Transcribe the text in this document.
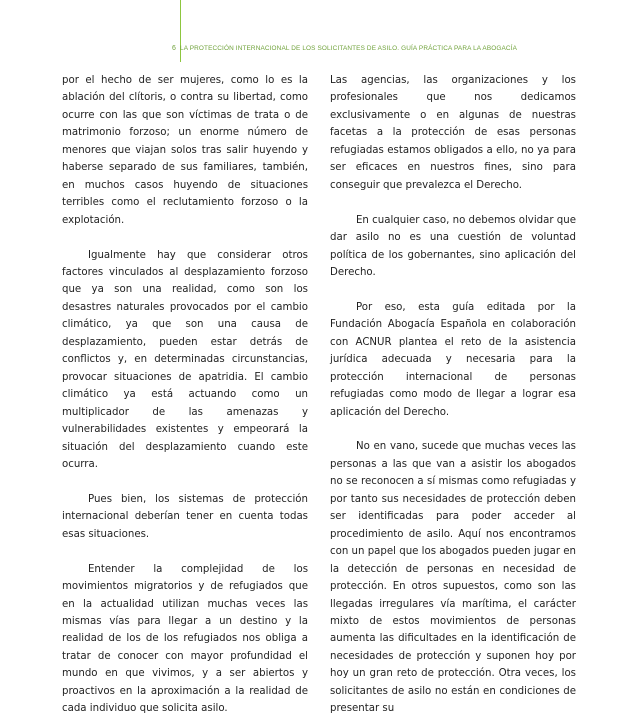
6 LA PROTECCIÓN INTERNACIONAL DE LOS SOLICITANTES DE ASILO. GUÍA PRÁCTICA PARA LA ABOGACÍA

por el hecho de ser mujeres, como lo es la ablación del clítoris, o contra su libertad, como ocurre con las que son víctimas de trata o de matrimonio forzoso; un enorme número de menores que viajan solos tras salir huyendo y haberse separado de sus familiares, también, en muchos casos huyendo de situaciones terribles como el reclutamiento forzoso o la explotación.

Igualmente hay que considerar otros factores vinculados al desplazamiento forzoso que ya son una realidad, como son los desastres naturales provocados por el cambio climático, ya que son una causa de desplazamiento, pueden estar detrás de conflictos y, en determinadas circunstancias, provocar situaciones de apatridia. El cambio climático ya está actuando como un multiplicador de las amenazas y vulnerabilidades existentes y empeorará la situación del desplazamiento cuando este ocurra.

Pues bien, los sistemas de protección internacional deberían tener en cuenta todas esas situaciones.

Entender la complejidad de los movimientos migratorios y de refugiados que en la actualidad utilizan muchas veces las mismas vías para llegar a un destino y la realidad de los de los refugiados nos obliga a tratar de conocer con mayor profundidad el mundo en que vivimos, y a ser abiertos y proactivos en la aproximación a la realidad de cada individuo que solicita asilo.

Las agencias, las organizaciones y los profesionales que nos dedicamos exclusivamente o en algunas de nuestras facetas a la protección de esas personas refugiadas estamos obligados a ello, no ya para ser eficaces en nuestros fines, sino para conseguir que prevalezca el Derecho.

En cualquier caso, no debemos olvidar que dar asilo no es una cuestión de voluntad política de los gobernantes, sino aplicación del Derecho.

Por eso, esta guía editada por la Fundación Abogacía Española en colaboración con ACNUR plantea el reto de la asistencia jurídica adecuada y necesaria para la protección internacional de personas refugiadas como modo de llegar a lograr esa aplicación del Derecho.

No en vano, sucede que muchas veces las personas a las que van a asistir los abogados no se reconocen a sí mismas como refugiadas y por tanto sus necesidades de protección deben ser identificadas para poder acceder al procedimiento de asilo. Aquí nos encontramos con un papel que los abogados pueden jugar en la detección de personas en necesidad de protección. En otros supuestos, como son las llegadas irregulares vía marítima, el carácter mixto de estos movimientos de personas aumenta las dificultades en la identificación de necesidades de protección y suponen hoy por hoy un gran reto de protección. Otra veces, los solicitantes de asilo no están en condiciones de presentar su
